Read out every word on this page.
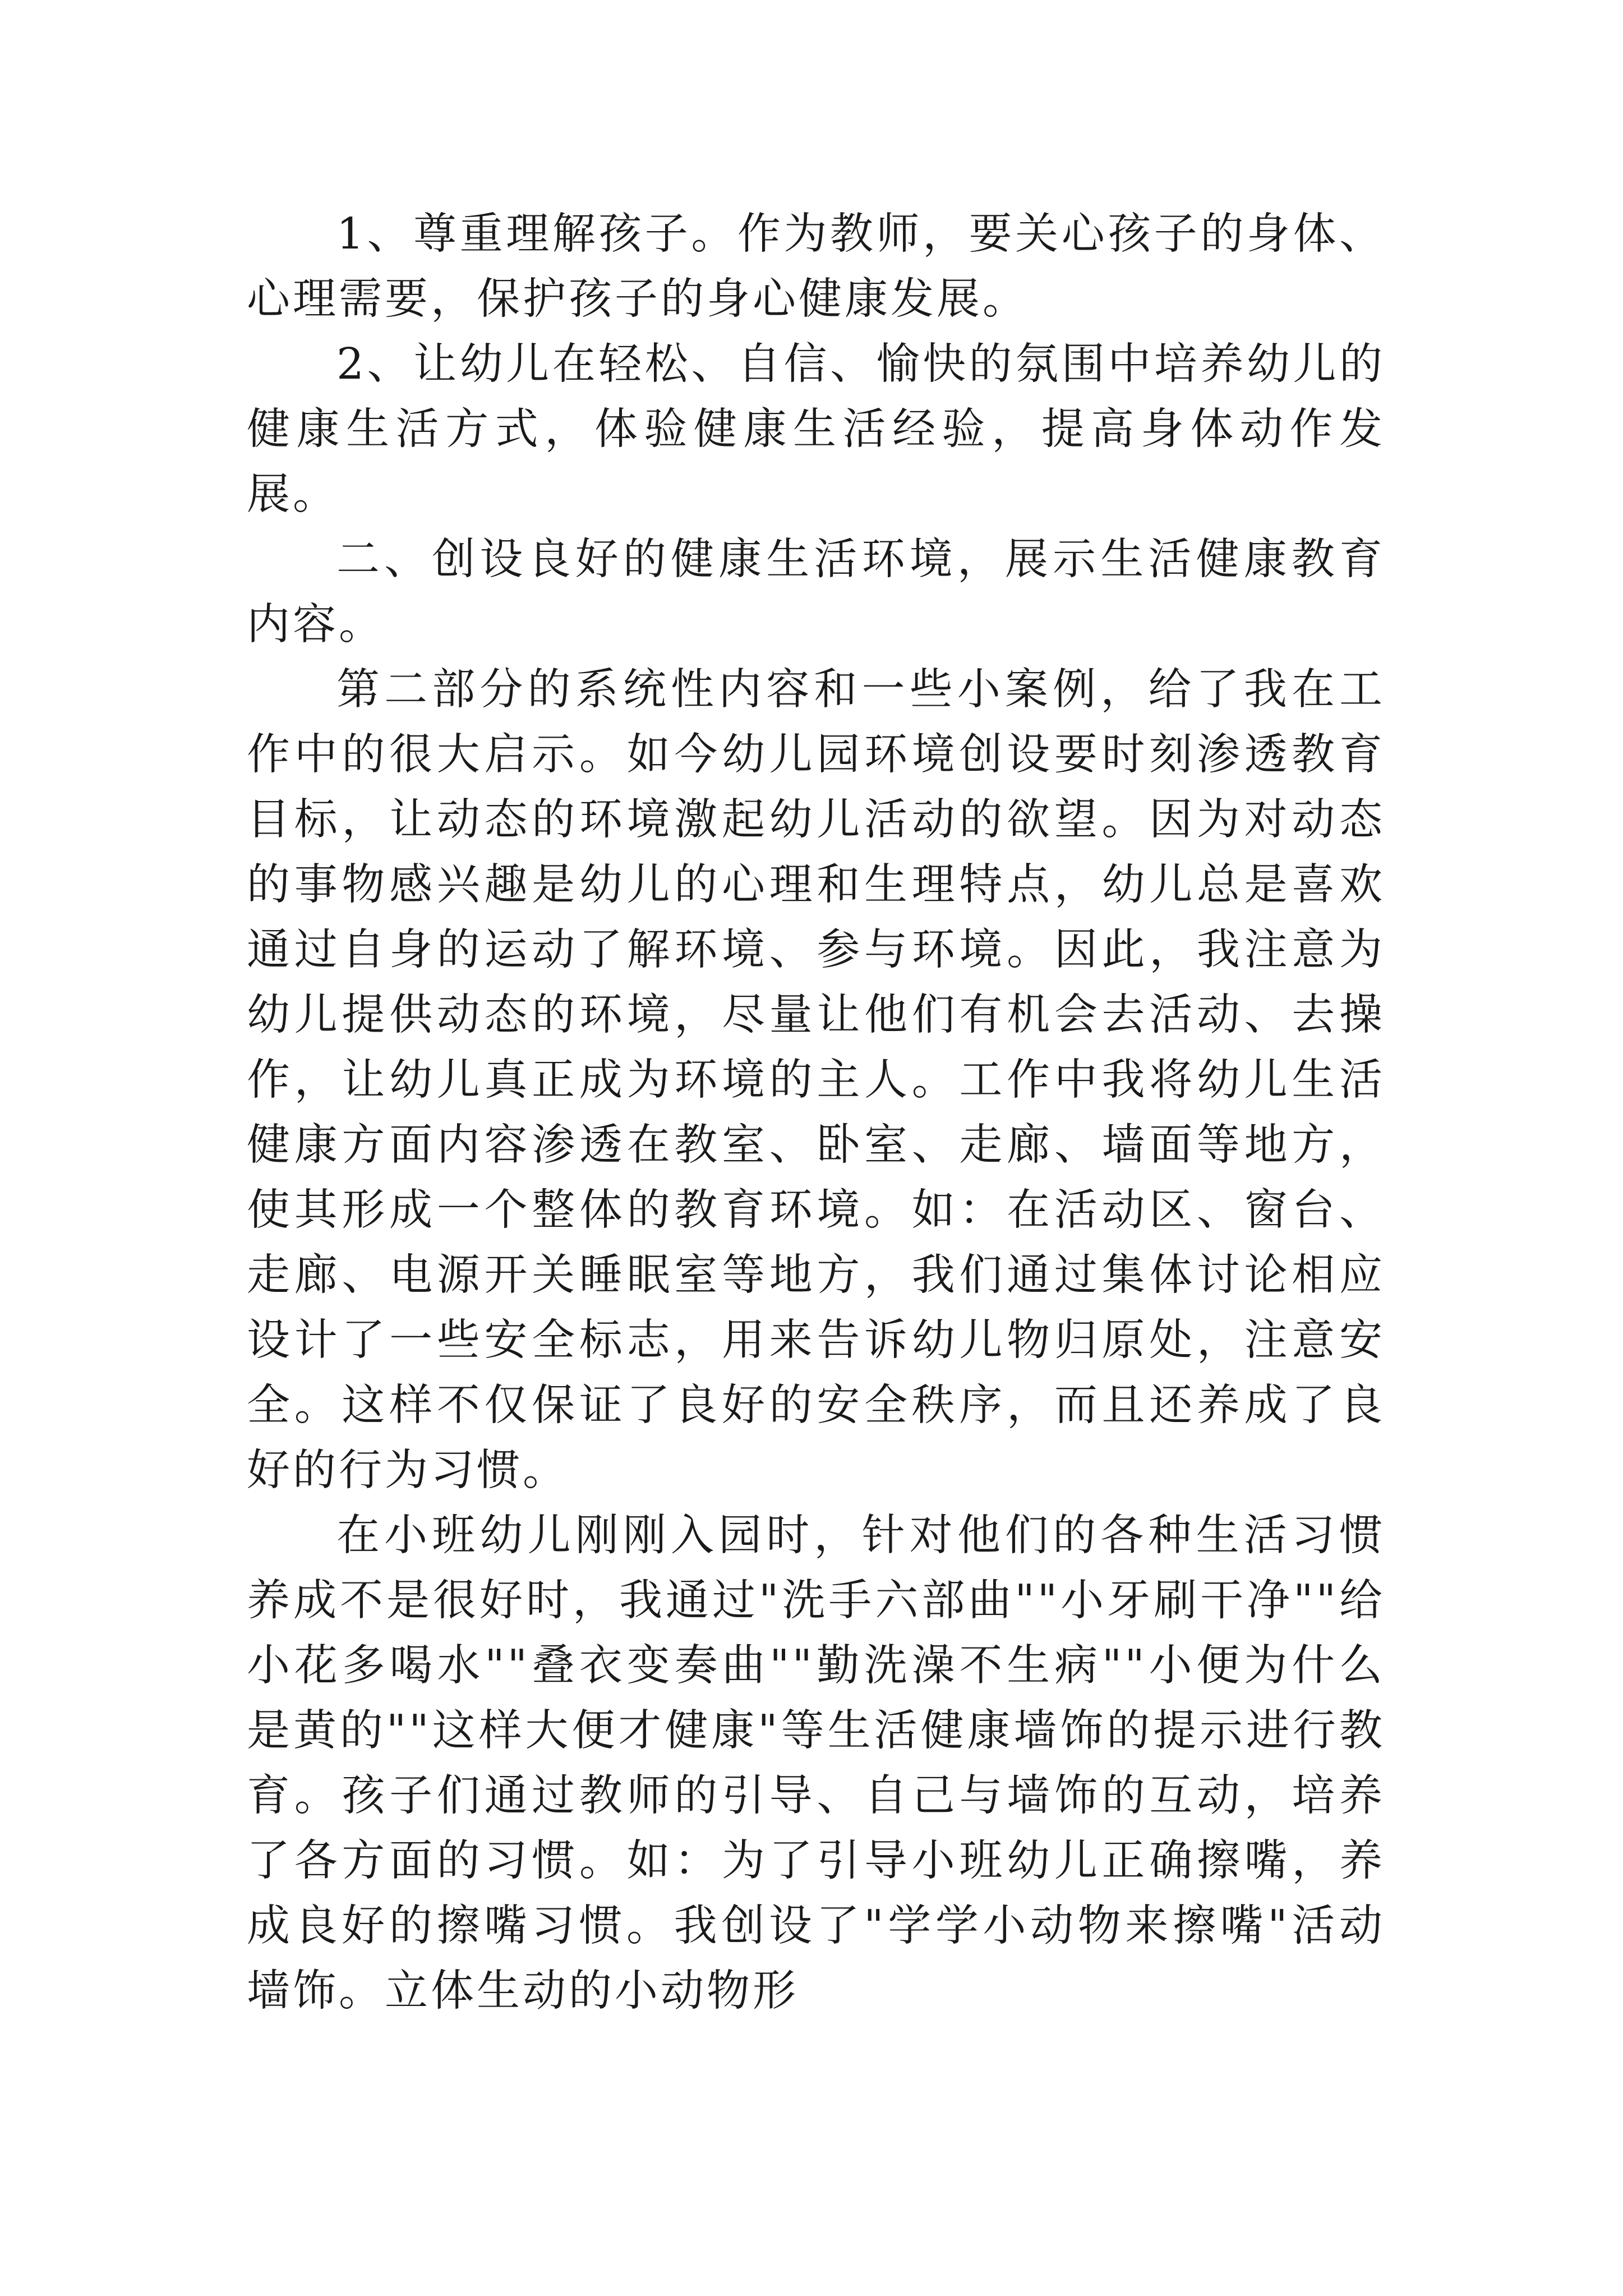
1、尊重理解孩子。作为教师，要关心孩子的身体、心理需要，保护孩子的身心健康发展。

2、让幼儿在轻松、自信、愉快的氛围中培养幼儿的健康生活方式，体验健康生活经验，提高身体动作发展。

二、创设良好的健康生活环境，展示生活健康教育内容。

第二部分的系统性内容和一些小案例，给了我在工作中的很大启示。如今幼儿园环境创设要时刻渗透教育目标，让动态的环境激起幼儿活动的欲望。因为对动态的事物感兴趣是幼儿的心理和生理特点，幼儿总是喜欢通过自身的运动了解环境、参与环境。因此，我注意为幼儿提供动态的环境，尽量让他们有机会去活动、去操作，让幼儿真正成为环境的主人。工作中我将幼儿生活健康方面内容渗透在教室、卧室、走廊、墙面等地方，使其形成一个整体的教育环境。如：在活动区、窗台、走廊、电源开关睡眠室等地方，我们通过集体讨论相应设计了一些安全标志，用来告诉幼儿物归原处，注意安全。这样不仅保证了良好的安全秩序，而且还养成了良好的行为习惯。

在小班幼儿刚刚入园时，针对他们的各种生活习惯养成不是很好时，我通过"洗手六部曲""小牙刷干净""给小花多喝水""叠衣变奏曲""勤洗澡不生病""小便为什么是黄的""这样大便才健康"等生活健康墙饰的提示进行教育。孩子们通过教师的引导、自己与墙饰的互动，培养了各方面的习惯。如：为了引导小班幼儿正确擦嘴，养成良好的擦嘴习惯。我创设了"学学小动物来擦嘴"活动墙饰。立体生动的小动物形
